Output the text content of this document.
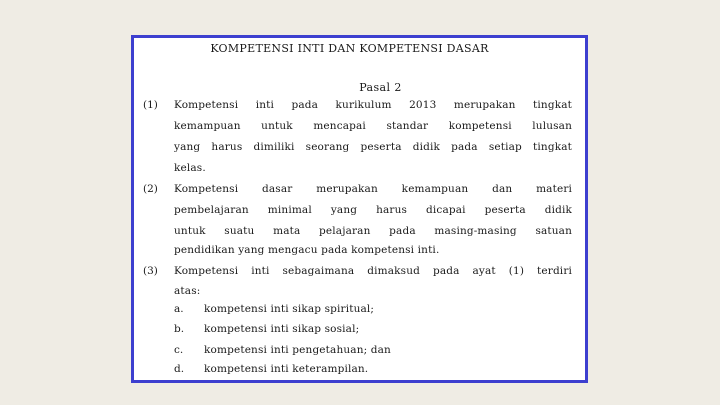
KOMPETENSI INTI DAN KOMPETENSI DASAR
Pasal 2
(1) Kompetensi inti pada kurikulum 2013 merupakan tingkat
kemampuan untuk mencapai standar kompetensi lulusan
yang harus dimiliki seorang peserta didik pada setiap tingkat
kelas.
(2) Kompetensi dasar merupakan kemampuan dan materi
pembelajaran minimal yang harus dicapai peserta didik
untuk suatu mata pelajaran pada masing-masing satuan
pendidikan yang mengacu pada kompetensi inti.
(3) Kompetensi inti sebagaimana dimaksud pada ayat (1) terdiri
atas:
a. kompetensi inti sikap spiritual;
b. kompetensi inti sikap sosial;
c. kompetensi inti pengetahuan; dan
d. kompetensi inti keterampilan.
